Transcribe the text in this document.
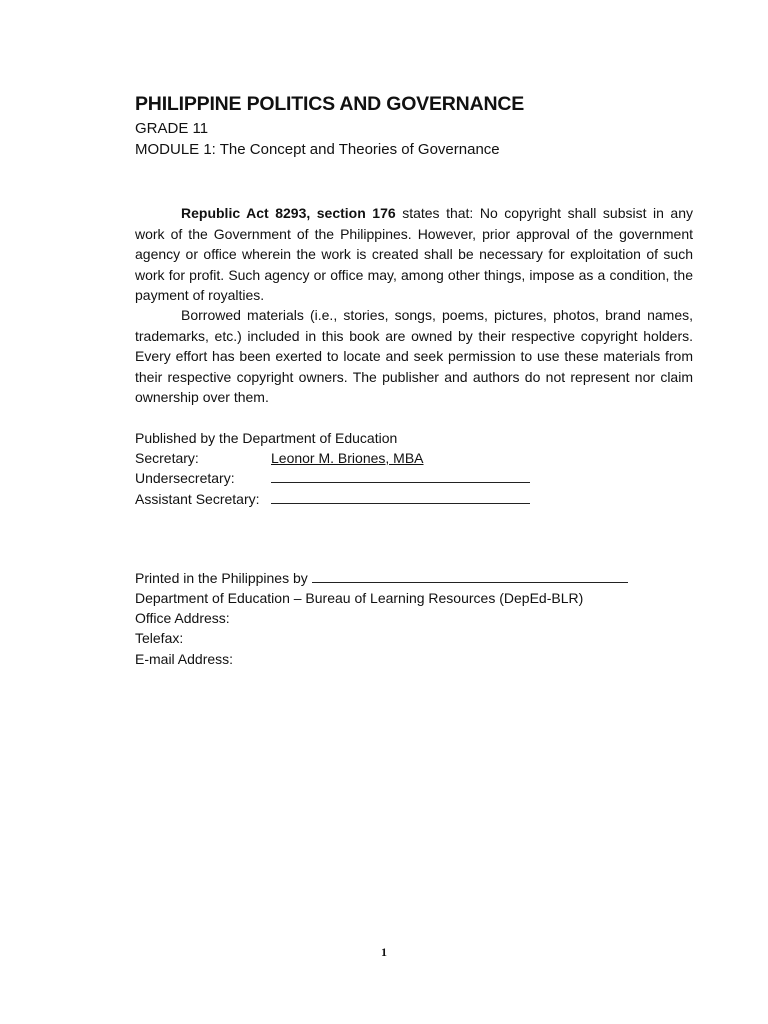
PHILIPPINE POLITICS AND GOVERNANCE
GRADE 11
MODULE 1: The Concept and Theories of Governance

Republic Act 8293, section 176 states that: No copyright shall subsist in any work of the Government of the Philippines. However, prior approval of the government agency or office wherein the work is created shall be necessary for exploitation of such work for profit. Such agency or office may, among other things, impose as a condition, the payment of royalties.

Borrowed materials (i.e., stories, songs, poems, pictures, photos, brand names, trademarks, etc.) included in this book are owned by their respective copyright holders. Every effort has been exerted to locate and seek permission to use these materials from their respective copyright owners. The publisher and authors do not represent nor claim ownership over them.

Published by the Department of Education
Secretary:	Leonor M. Briones, MBA
Undersecretary:
Assistant Secretary:
Printed in the Philippines by
Department of Education – Bureau of Learning Resources (DepEd-BLR)
Office Address:
Telefax:
E-mail Address:
1
